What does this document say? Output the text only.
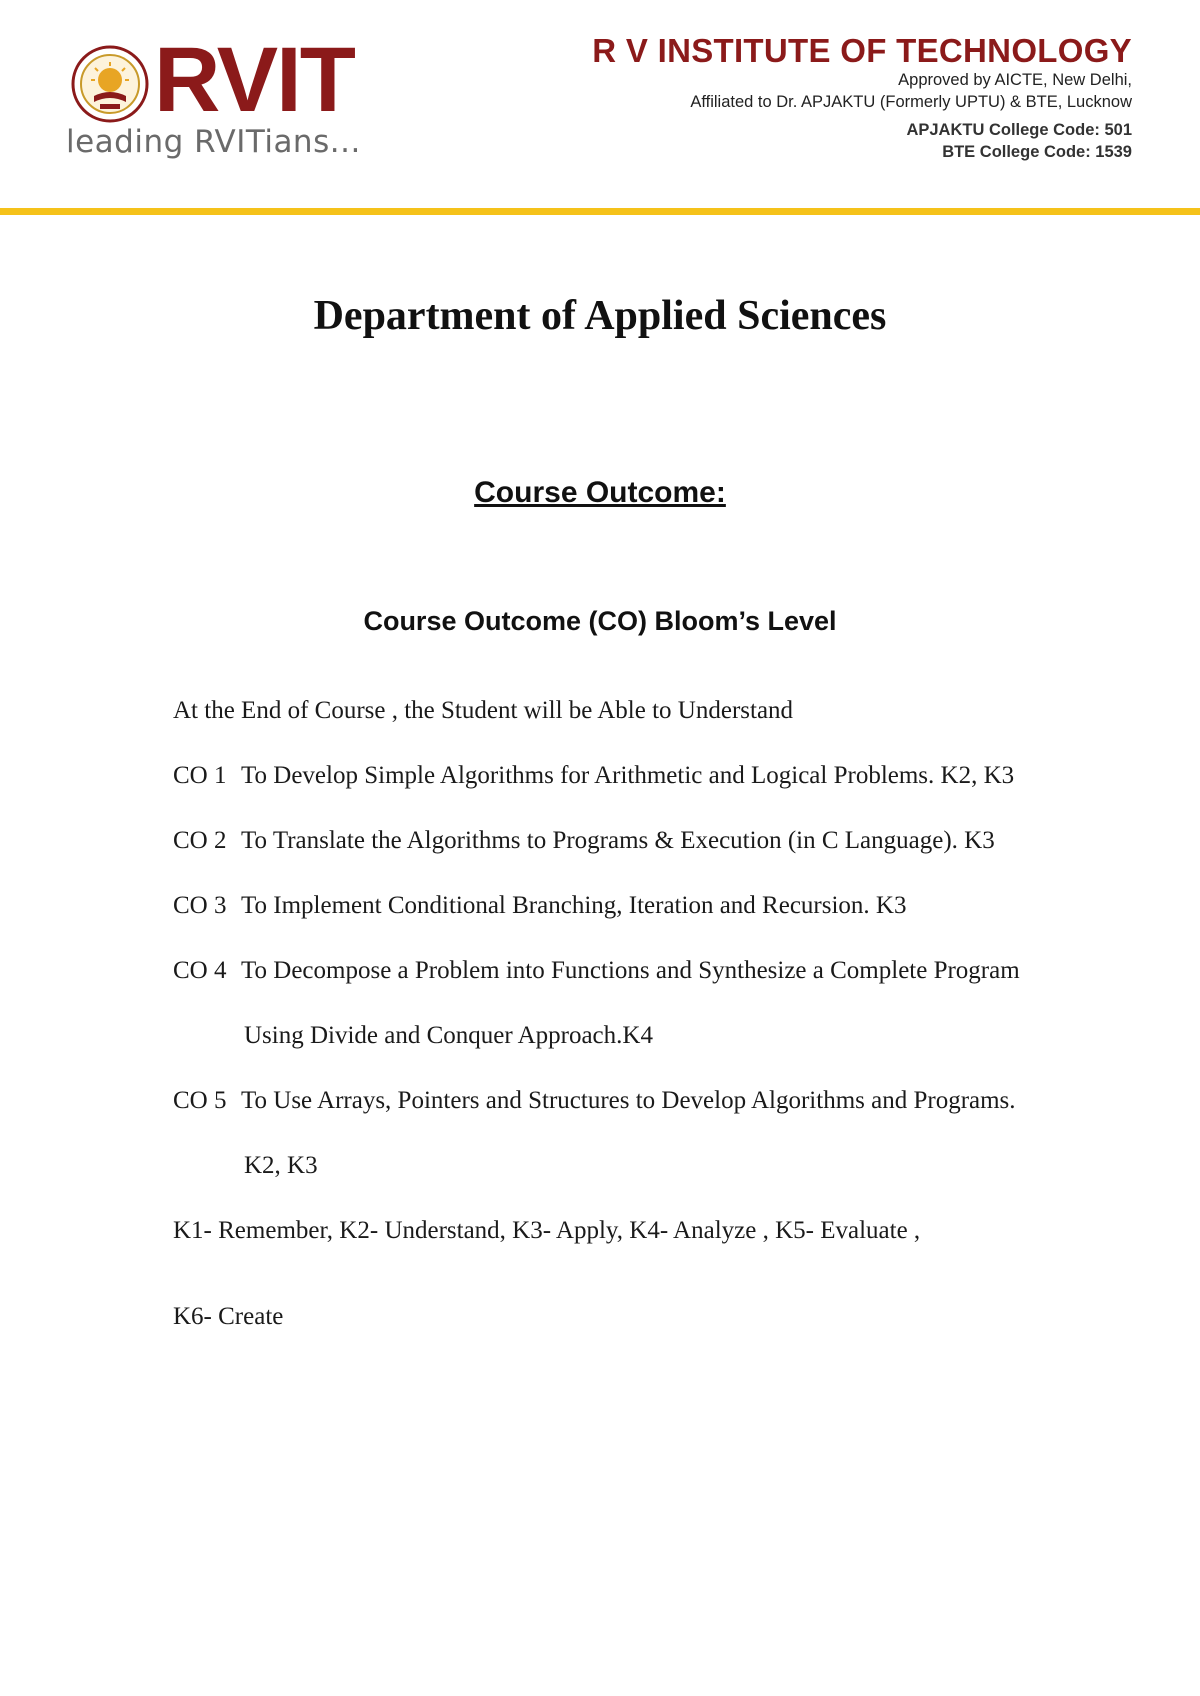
RVIT
leading RVITians...
R V INSTITUTE OF TECHNOLOGY
Approved by AICTE, New Delhi,
Affiliated to Dr. APJAKTU (Formerly UPTU) & BTE, Lucknow
APJAKTU College Code: 501
BTE College Code: 1539
Department of Applied Sciences
Course Outcome:
Course Outcome (CO) Bloom’s Level
At the End of Course , the Student will be Able to Understand
CO 1 To Develop Simple Algorithms for Arithmetic and Logical Problems. K2, K3
CO 2 To Translate the Algorithms to Programs & Execution (in C Language). K3
CO 3 To Implement Conditional Branching, Iteration and Recursion. K3
CO 4 To Decompose a Problem into Functions and Synthesize a Complete Program
Using Divide and Conquer Approach.K4
CO 5 To Use Arrays, Pointers and Structures to Develop Algorithms and Programs.
K2, K3
K1- Remember, K2- Understand, K3- Apply, K4- Analyze , K5- Evaluate ,
K6- Create
